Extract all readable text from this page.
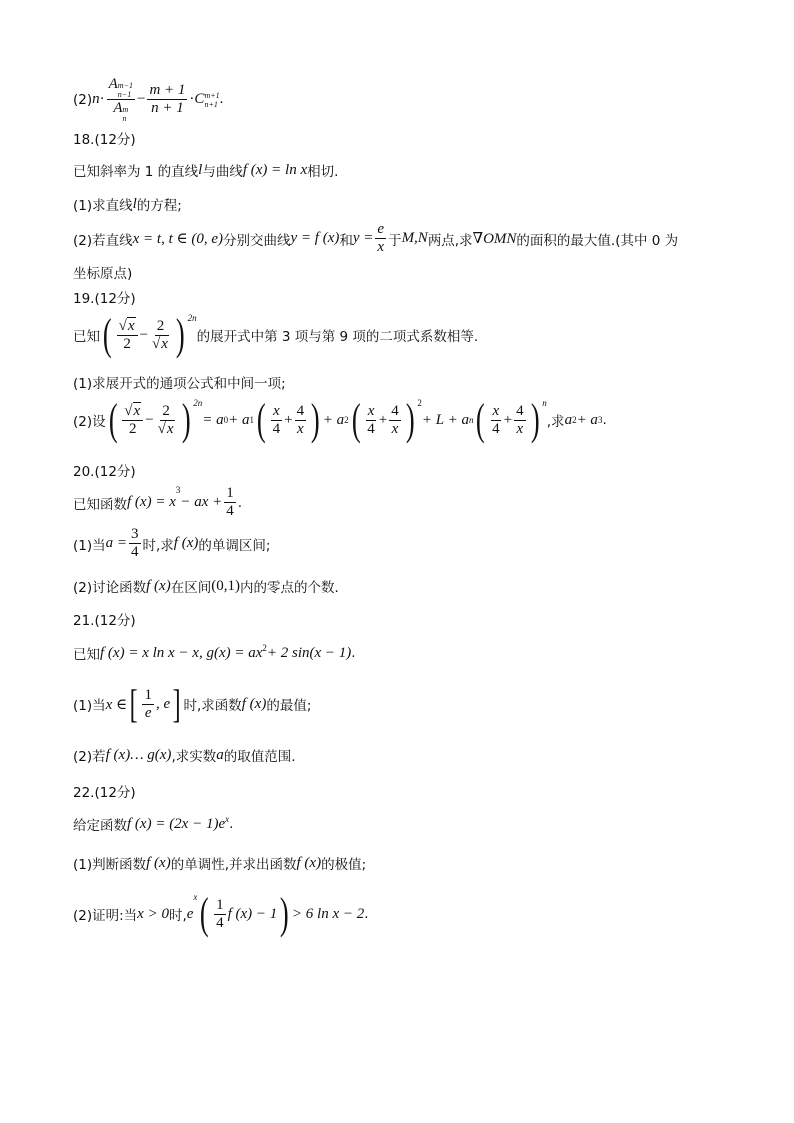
(2) n · A m−1
n−1
A m
$n - \frac{m + 1}{n + 1} \cdot C$ m+1
n+1 .
18.(12分)
已知斜率为 1 的直线 l 与曲线 f (x) = ln x 相切.
(1)求直线 l 的方程;
(2)若直线 x = t, t ∈ (0, e) 分别交曲线 y = f (x) 和 $y = \frac{e}{x}$ 于 M,N 两点,求 ∇OMN 的面积的最大值.(其中 0 为
坐标原点)
19.(12分)
已知 ( $\frac{√x}{2} - \frac{2}{√x}$ ) $^{2n}$
的展开式中第 3 项与第 9 项的二项式系数相等.
(1)求展开式的通项公式和中间一项;
(2)设 ( $\frac{√x}{2} - \frac{2}{√x}$ ) $^{2n}$
= a 0 + a 1 ( $\frac{x}{4} + \frac{4}{x}$ ) + a 2 ( $\frac{x}{4} + \frac{4}{x}$ ) $^2$
+ L + a n ( $\frac{x}{4} + \frac{4}{x}$ ) $^n$
,求 a 2 + a 3 .
20.(12分)
已知函数 f (x) = x
$^3$
− ax + $\frac{1}{4}$ .
(1)当 $a = \frac{3}{4}$ 时,求 f (x) 的单调区间;
(2)讨论函数 f (x) 在区间 (0,1) 内的零点的个数.
21.(12分)
已知 f (x) = x ln x − x, $g(x) = ax^2 + 2$ sin(x − 1) .
(1)当 x ∈ [ $\frac{1}{e}$ , e ] 时,求函数 f (x) 的最值;
(2)若 f (x)… g(x) ,求实数 a 的取值范围.
22.(12分)
给定函数 f $(x) = (2x - 1)e^x$ .
(1)判断函数 f (x) 的单调性,并求出函数 f (x) 的极值;
(2)证明:当 x > 0 时, e
x ( $\frac{1}{4}$ f (x) − 1 ) > 6 ln x − 2 .
